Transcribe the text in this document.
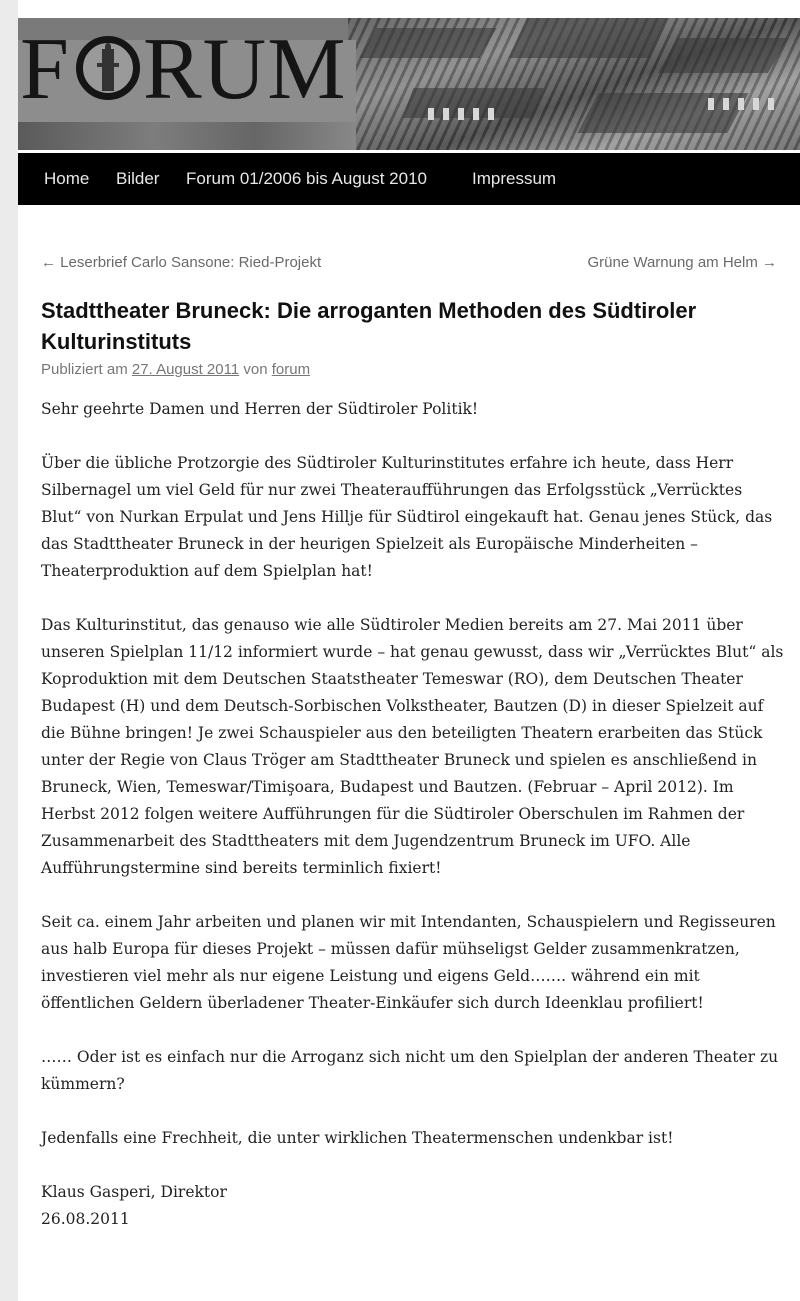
F RUM
Home Bilder Forum 01/2006 bis August 2010	Impressum
← Leserbrief Carlo Sansone: Ried-Projekt	Grüne Warnung am Helm →
Stadttheater Bruneck: Die arroganten Methoden des Südtiroler Kulturinstituts
Publiziert am 27. August 2011 von forum

Sehr geehrte Damen und Herren der Südtiroler Politik!

Über die übliche Protzorgie des Südtiroler Kulturinstitutes erfahre ich heute, dass Herr Silbernagel um viel Geld für nur zwei Theateraufführungen das Erfolgsstück „Verrücktes Blut“ von Nurkan Erpulat und Jens Hillje für Südtirol eingekauft hat. Genau jenes Stück, das das Stadttheater Bruneck in der heurigen Spielzeit als Europäische Minderheiten – Theaterproduktion auf dem Spielplan hat!

Das Kulturinstitut, das genauso wie alle Südtiroler Medien bereits am 27. Mai 2011 über unseren Spielplan 11/12 informiert wurde – hat genau gewusst, dass wir „Verrücktes Blut“ als Koproduktion mit dem Deutschen Staatstheater Temeswar (RO), dem Deutschen Theater Budapest (H) und dem Deutsch-Sorbischen Volkstheater, Bautzen (D) in dieser Spielzeit auf die Bühne bringen! Je zwei Schauspieler aus den beteiligten Theatern erarbeiten das Stück unter der Regie von Claus Tröger am Stadttheater Bruneck und spielen es anschließend in Bruneck, Wien, Temeswar/Timişoara, Budapest und Bautzen. (Februar – April 2012). Im Herbst 2012 folgen weitere Aufführungen für die Südtiroler Oberschulen im Rahmen der Zusammenarbeit des Stadttheaters mit dem Jugendzentrum Bruneck im UFO. Alle Aufführungstermine sind bereits terminlich fixiert!

Seit ca. einem Jahr arbeiten und planen wir mit Intendanten, Schauspielern und Regisseuren aus halb Europa für dieses Projekt – müssen dafür mühseligst Gelder zusammenkratzen, investieren viel mehr als nur eigene Leistung und eigens Geld……. während ein mit öffentlichen Geldern überladener Theater-Einkäufer sich durch Ideenklau profiliert!

…… Oder ist es einfach nur die Arroganz sich nicht um den Spielplan der anderen Theater zu kümmern?

Jedenfalls eine Frechheit, die unter wirklichen Theatermenschen undenkbar ist!

Klaus Gasperi, Direktor
26.08.2011
